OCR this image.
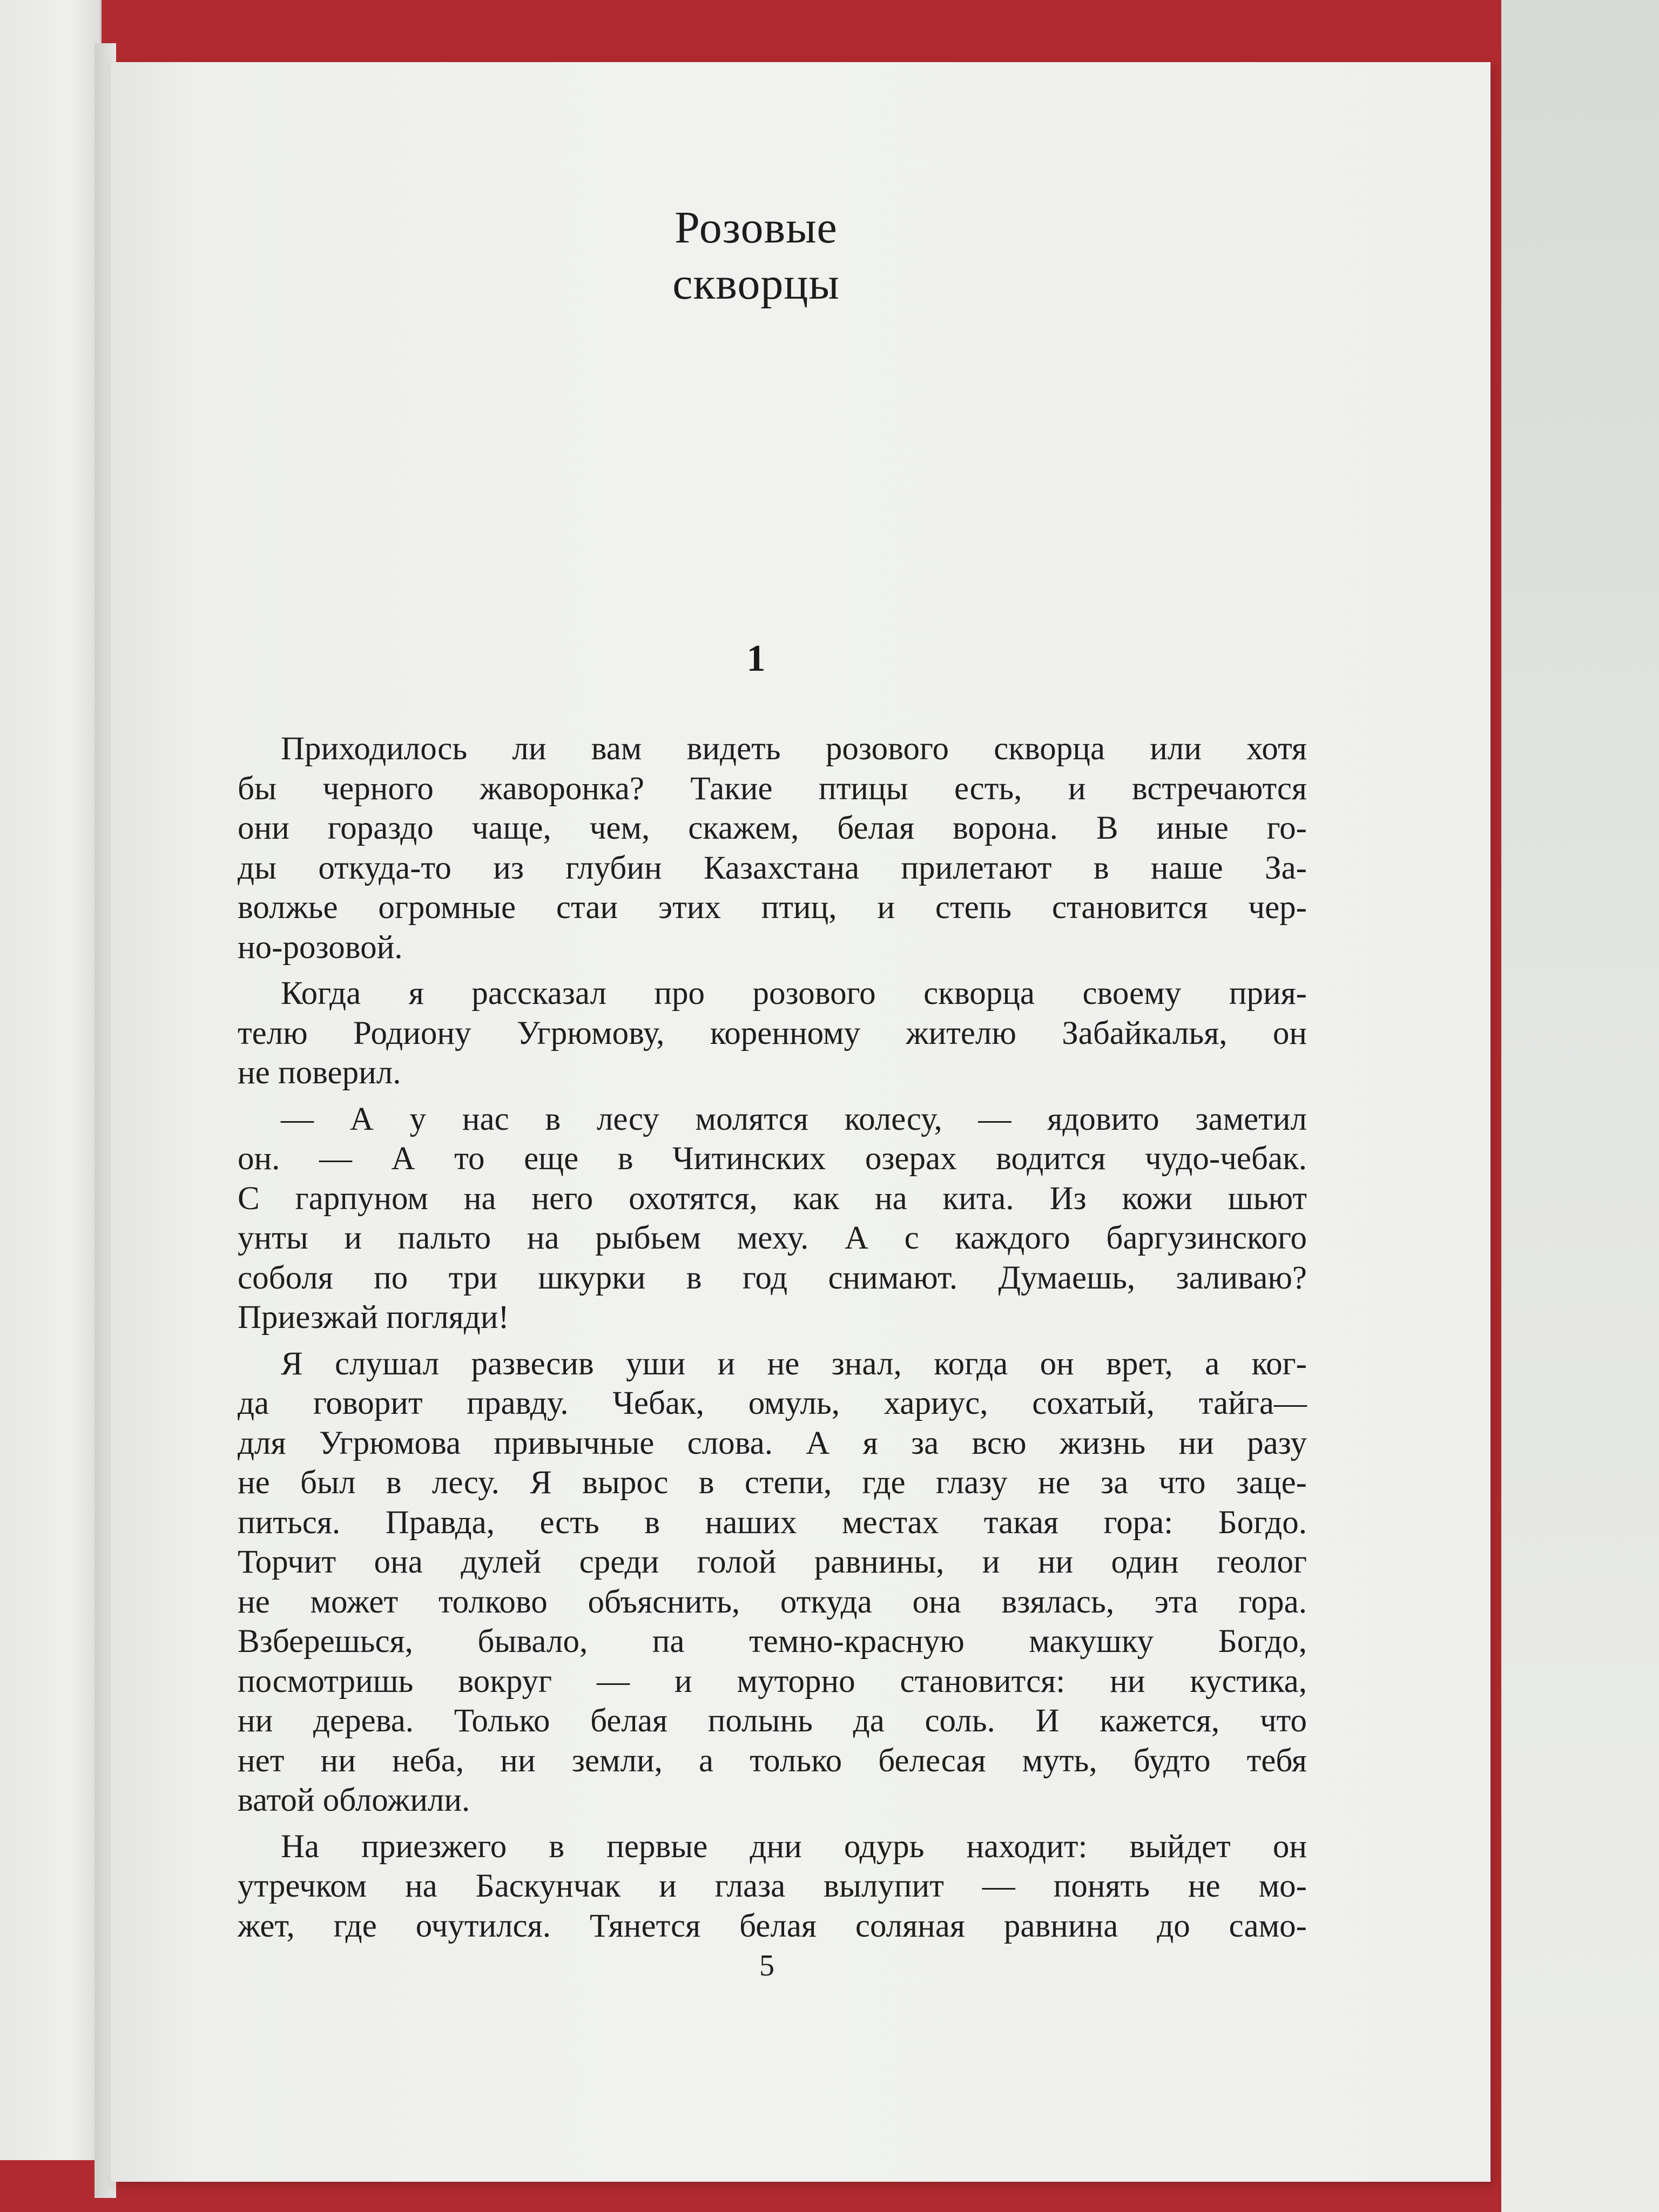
Розовые
скворцы
1
Приходилось ли вам видеть розового скворца или хотя
бы черного жаворонка? Такие птицы есть, и встречаются
они гораздо чаще, чем, скажем, белая ворона. В иные го-
ды откуда-то из глубин Казахстана прилетают в наше За-
волжье огромные стаи этих птиц, и степь становится чер-
но-розовой.
Когда я рассказал про розового скворца своему прия-
телю Родиону Угрюмову, коренному жителю Забайкалья, он
не поверил.
— А у нас в лесу молятся колесу, — ядовито заметил
он. — А то еще в Читинских озерах водится чудо-чебак.
С гарпуном на него охотятся, как на кита. Из кожи шьют
унты и пальто на рыбьем меху. А с каждого баргузинского
соболя по три шкурки в год снимают. Думаешь, заливаю?
Приезжай погляди!
Я слушал развесив уши и не знал, когда он врет, а ког-
да говорит правду. Чебак, омуль, хариус, сохатый, тайга—
для Угрюмова привычные слова. А я за всю жизнь ни разу
не был в лесу. Я вырос в степи, где глазу не за что заце-
питься. Правда, есть в наших местах такая гора: Богдо.
Торчит она дулей среди голой равнины, и ни один геолог
не может толково объяснить, откуда она взялась, эта гора.
Взберешься, бывало, па темно-красную макушку Богдо,
посмотришь вокруг — и муторно становится: ни кустика,
ни дерева. Только белая полынь да соль. И кажется, что
нет ни неба, ни земли, а только белесая муть, будто тебя
ватой обложили.
На приезжего в первые дни одурь находит: выйдет он
утречком на Баскунчак и глаза вылупит — понять не мо-
жет, где очутился. Тянется белая соляная равнина до само-
5
